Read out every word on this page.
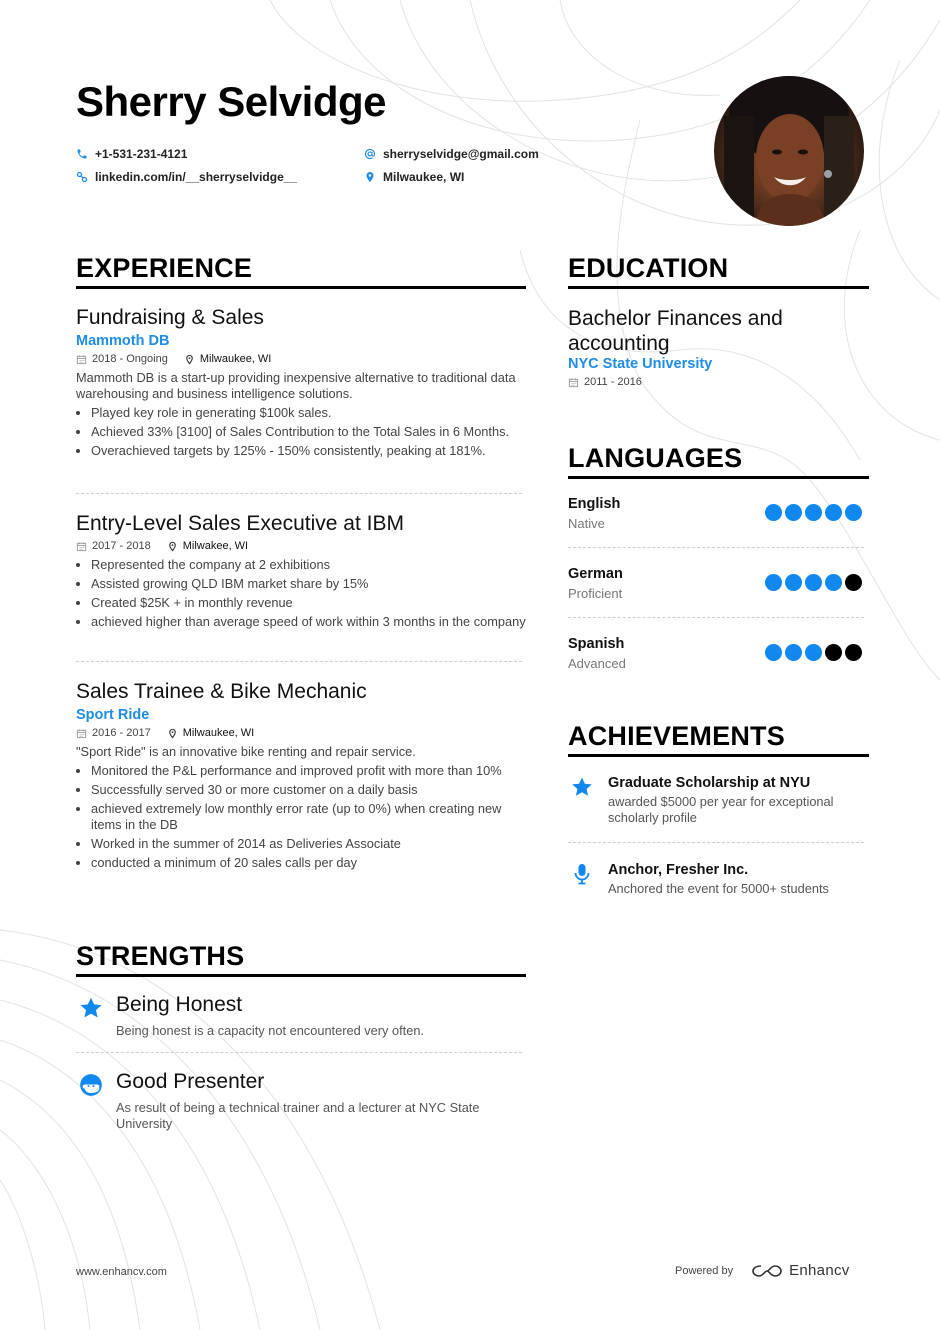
Sherry Selvidge
+1-531-231-4121	sherryselvidge@gmail.com
linkedin.com/in/__sherryselvidge__	Milwaukee, WI
EXPERIENCE
Fundraising & Sales
Mammoth DB
2018 - Ongoing	Milwaukee, WI
Mammoth DB is a start-up providing inexpensive alternative to traditional data warehousing and business intelligence solutions.
• Played key role in generating $100k sales.
• Achieved 33% [3100] of Sales Contribution to the Total Sales in 6 Months.
• Overachieved targets by 125% - 150% consistently, peaking at 181%.
Entry-Level Sales Executive at IBM
2017 - 2018	Milwakee, WI
• Represented the company at 2 exhibitions
• Assisted growing QLD IBM market share by 15%
• Created $25K + in monthly revenue
• achieved higher than average speed of work within 3 months in the company
Sales Trainee & Bike Mechanic
Sport Ride
2016 - 2017	Milwaukee, WI
"Sport Ride" is an innovative bike renting and repair service.
• Monitored the P&L performance and improved profit with more than 10%
• Successfully served 30 or more customer on a daily basis
• achieved extremely low monthly error rate (up to 0%) when creating new items in the DB
• Worked in the summer of 2014 as Deliveries Associate
• conducted a minimum of 20 sales calls per day
STRENGTHS
Being Honest
Being honest is a capacity not encountered very often.
Good Presenter
As result of being a technical trainer and a lecturer at NYC State University
EDUCATION
Bachelor Finances and accounting
NYC State University
2011 - 2016
LANGUAGES
English
Native
German
Proficient
Spanish
Advanced
ACHIEVEMENTS
Graduate Scholarship at NYU
awarded $5000 per year for exceptional scholarly profile
Anchor, Fresher Inc.
Anchored the event for 5000+ students
www.enhancv.com	Powered by	Enhancv
